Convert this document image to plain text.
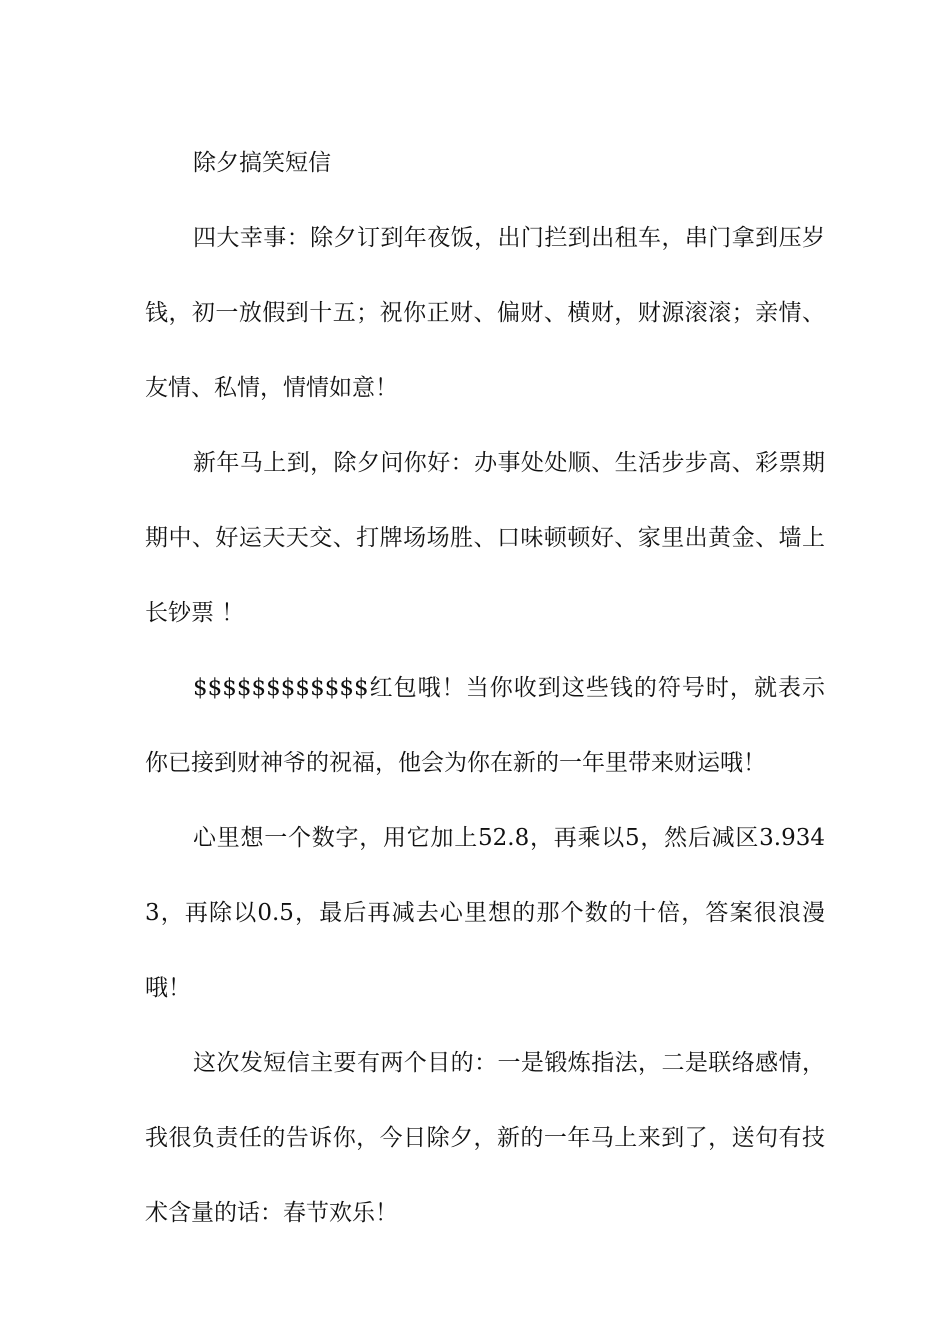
除夕搞笑短信

四大幸事：除夕订到年夜饭，出门拦到出租车，串门拿到压岁钱，初一放假到十五；祝你正财、偏财、横财，财源滚滚；亲情、友情、私情，情情如意！

新年马上到，除夕问你好：办事处处顺、生活步步高、彩票期期中、好运天天交、打牌场场胜、口味顿顿好、家里出黄金、墙上长钞票 ！

$$$$$$$$$$$$红包哦！当你收到这些钱的符号时，就表示你已接到财神爷的祝福，他会为你在新的一年里带来财运哦！

心里想一个数字，用它加上52.8，再乘以5，然后减区3.9343，再除以0.5，最后再减去心里想的那个数的十倍，答案很浪漫哦！

这次发短信主要有两个目的：一是锻炼指法，二是联络感情，我很负责任的告诉你，今日除夕，新的一年马上来到了，送句有技术含量的话：春节欢乐！
